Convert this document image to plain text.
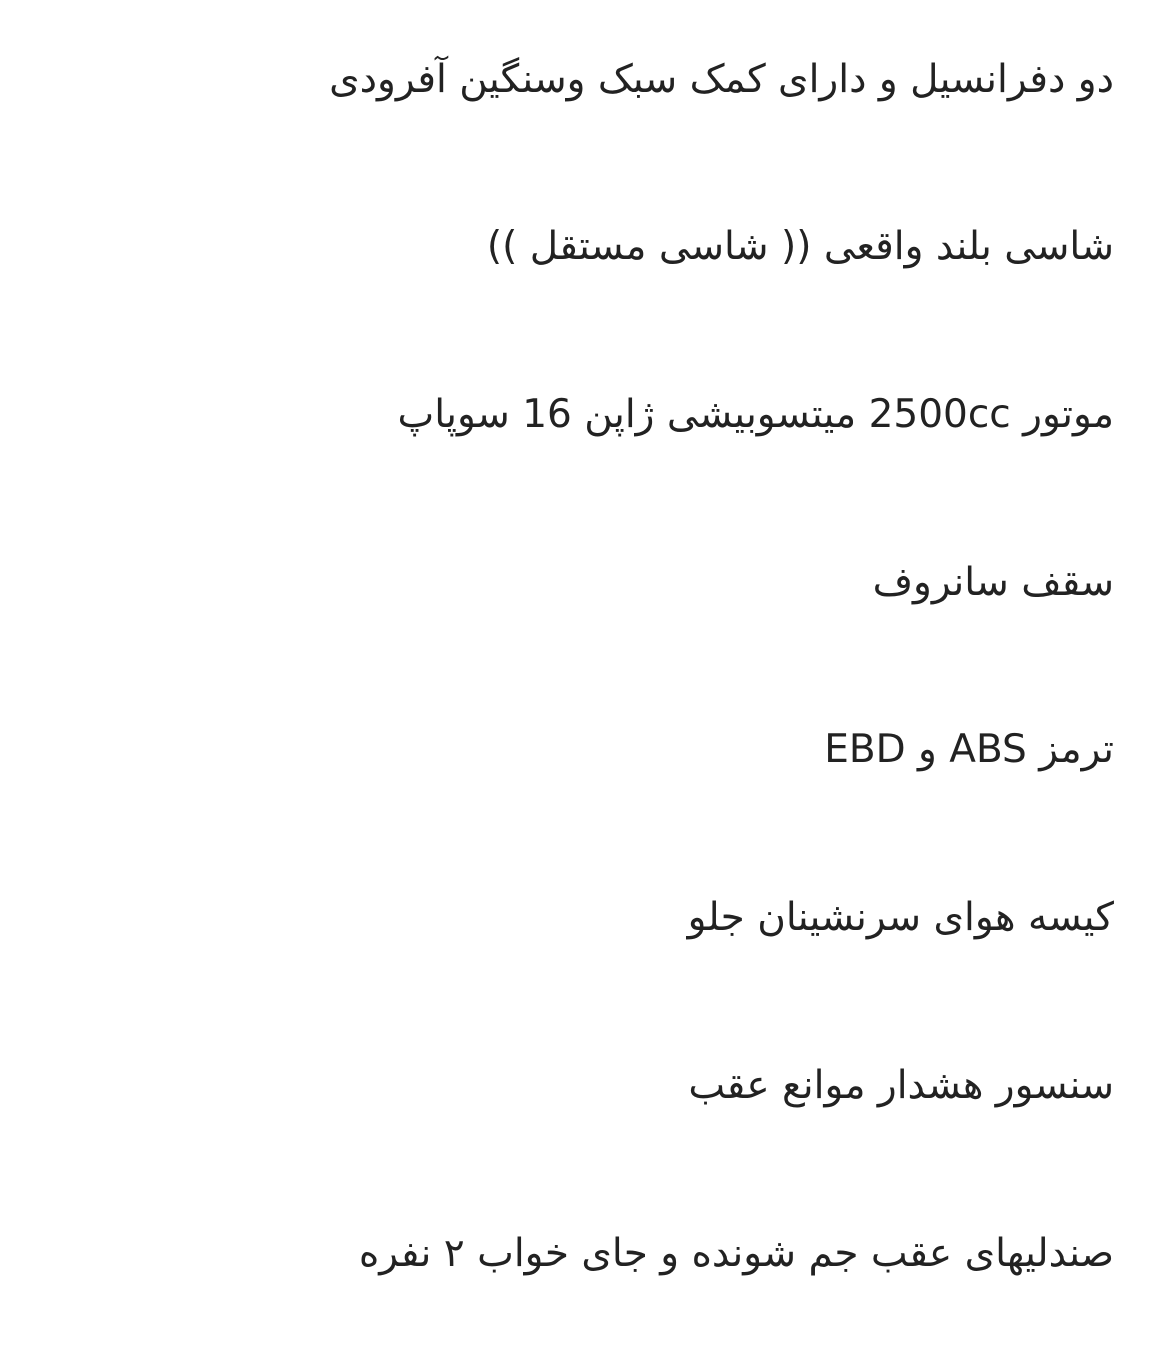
دو دفرانسیل و دارای کمک سبک وسنگین آفرودی
شاسی بلند واقعی (( شاسی مستقل ))
موتور 2500cc میتسوبیشی ژاپن 16 سوپاپ
سقف سانروف
ترمز ABS و EBD
کیسه هوای سرنشینان جلو
سنسور هشدار موانع عقب
صندلیهای عقب جم شونده و جای خواب ۲ نفره
